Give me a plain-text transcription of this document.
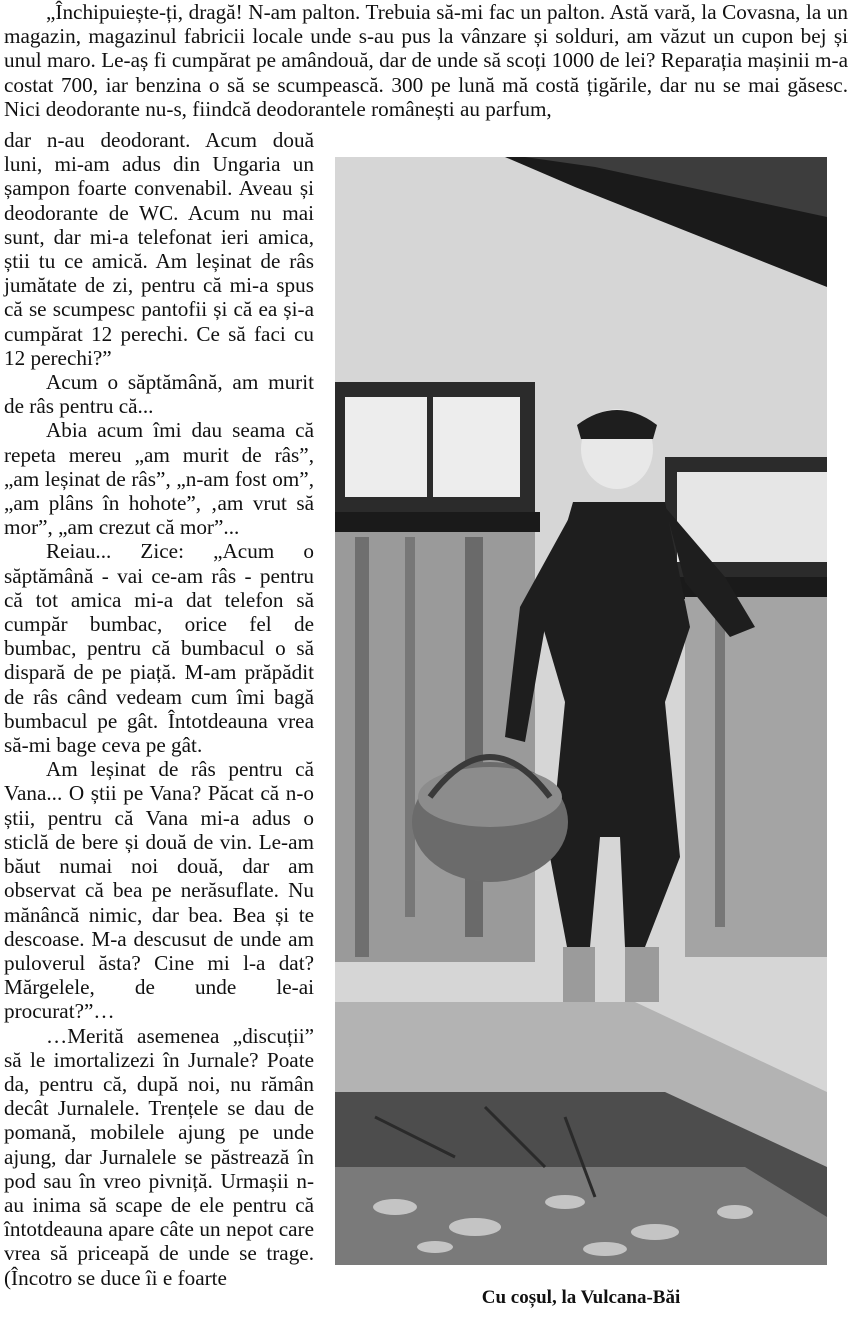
„Închipuiește-ți, dragă! N-am palton. Trebuia să-mi fac un palton. Astă vară, la Covasna, la un magazin, magazinul fabricii locale unde s-au pus la vânzare și solduri, am văzut un cupon bej și unul maro. Le-aș fi cumpărat pe amândouă, dar de unde să scoți 1000 de lei? Reparația mașinii m-a costat 700, iar benzina o să se scumpească. 300 pe lună mă costă țigările, dar nu se mai găsesc. Nici deodorante nu-s, fiindcă deodorantele românești au parfum,

dar n-au deodorant. Acum două luni, mi-am adus din Ungaria un șampon foarte convenabil. Aveau și deodorante de WC. Acum nu mai sunt, dar mi-a telefonat ieri amica, știi tu ce amică. Am leșinat de râs jumătate de zi, pentru că mi-a spus că se scumpesc pantofii și că ea și-a cumpărat 12 perechi. Ce să faci cu 12 perechi?”

Acum o săptămână, am murit de râs pentru că...

Abia acum îmi dau seama că repeta mereu „am murit de râs”, „am leșinat de râs”, „n-am fost om”, „am plâns în hohote”, ‚am vrut să mor”, „am crezut că mor”...

Reiau... Zice: „Acum o săptămână - vai ce-am râs - pentru că tot amica mi-a dat telefon să cumpăr bumbac, orice fel de bumbac, pentru că bumbacul o să dispară de pe piață. M-am prăpădit de râs când vedeam cum îmi bagă bumbacul pe gât. Întotdeauna vrea să-mi bage ceva pe gât.

Am leșinat de râs pentru că Vana... O știi pe Vana? Păcat că n-o știi, pentru că Vana mi-a adus o sticlă de bere și două de vin. Le-am băut numai noi două, dar am observat că bea pe nerăsuflate. Nu mănâncă nimic, dar bea. Bea și te descoase. M-a descusut de unde am puloverul ăsta? Cine mi l-a dat? Mărgelele, de unde le-ai procurat?”…

…Merită asemenea „discuții” să le imortalizezi în Jurnale? Poate da, pentru că, după noi, nu rămân decât Jurnalele. Trențele se dau de pomană, mobilele ajung pe unde ajung, dar Jurnalele se păstrează în pod sau în vreo pivniță. Urmașii n-au inima să scape de ele pentru că întotdeauna apare câte un nepot care vrea să priceapă de unde se trage. (Încotro se duce îi e foarte

Cu coșul, la Vulcana-Băi
